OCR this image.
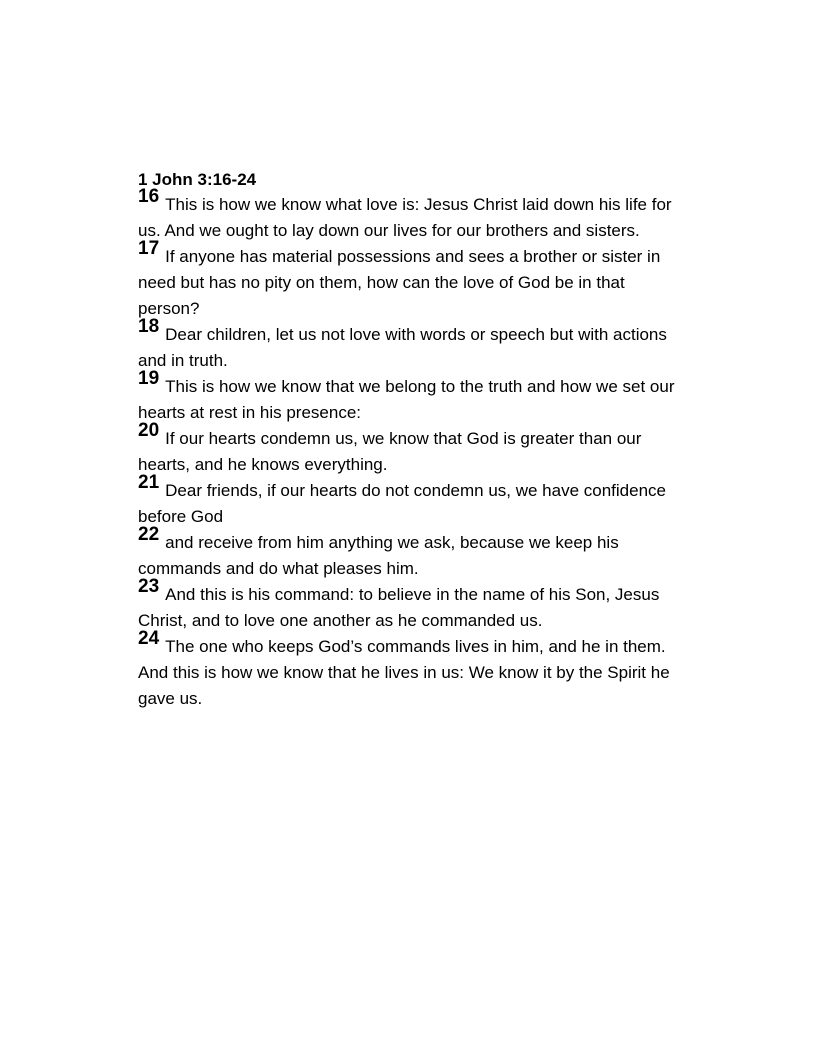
1 John 3:16-24

16 This is how we know what love is: Jesus Christ laid down his life for us. And we ought to lay down our lives for our brothers and sisters.

17 If anyone has material possessions and sees a brother or sister in need but has no pity on them, how can the love of God be in that person?

18 Dear children, let us not love with words or speech but with actions and in truth.

19 This is how we know that we belong to the truth and how we set our hearts at rest in his presence:

20 If our hearts condemn us, we know that God is greater than our hearts, and he knows everything.

21 Dear friends, if our hearts do not condemn us, we have confidence before God

22 and receive from him anything we ask, because we keep his commands and do what pleases him.

23 And this is his command: to believe in the name of his Son, Jesus Christ, and to love one another as he commanded us.

24 The one who keeps God’s commands lives in him, and he in them. And this is how we know that he lives in us: We know it by the Spirit he gave us.
